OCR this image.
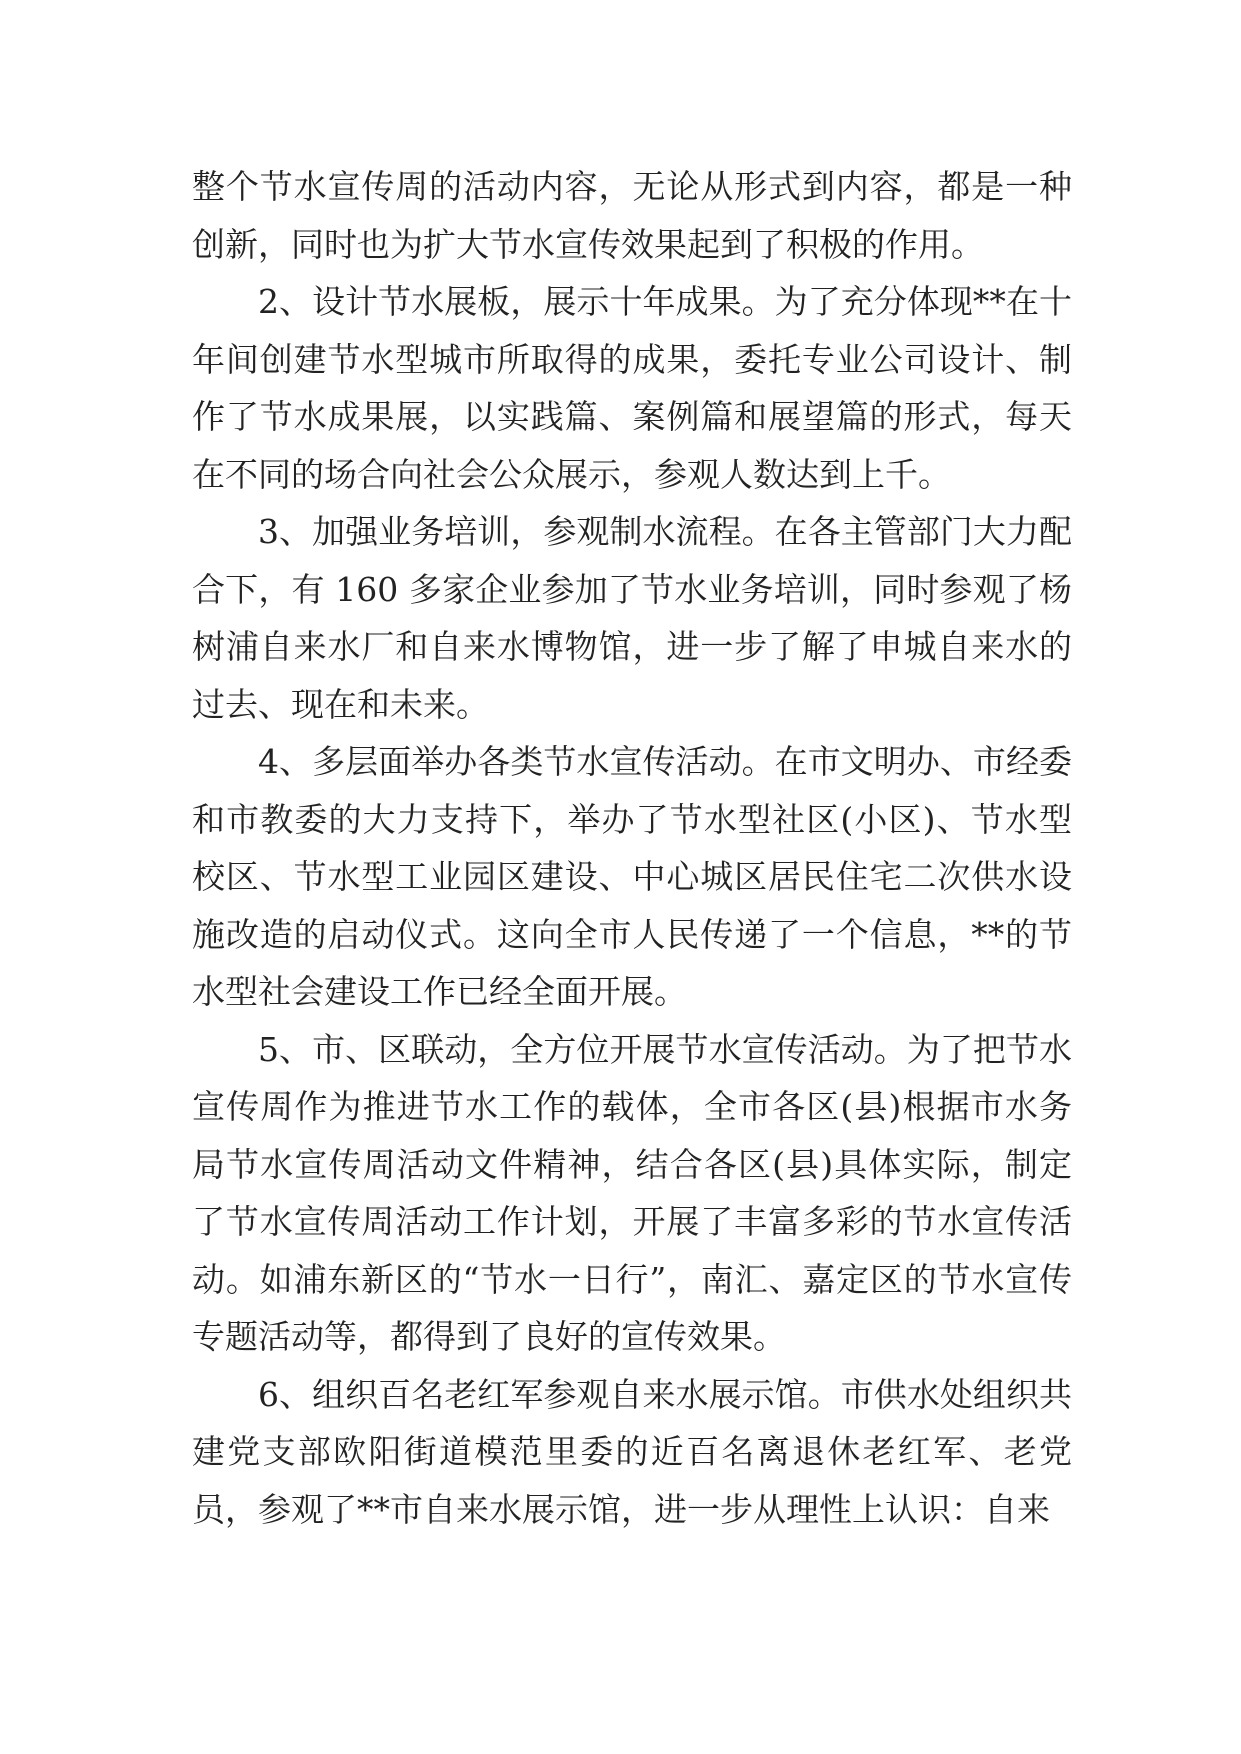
整个节水宣传周的活动内容，无论从形式到内容，都是一种创新，同时也为扩大节水宣传效果起到了积极的作用。

2、设计节水展板，展示十年成果。为了充分体现**在十年间创建节水型城市所取得的成果，委托专业公司设计、制作了节水成果展，以实践篇、案例篇和展望篇的形式，每天在不同的场合向社会公众展示，参观人数达到上千。

3、加强业务培训，参观制水流程。在各主管部门大力配合下，有 160 多家企业参加了节水业务培训，同时参观了杨树浦自来水厂和自来水博物馆，进一步了解了申城自来水的过去、现在和未来。

4、多层面举办各类节水宣传活动。在市文明办、市经委和市教委的大力支持下，举办了节水型社区(小区)、节水型校区、节水型工业园区建设、中心城区居民住宅二次供水设施改造的启动仪式。这向全市人民传递了一个信息，**的节水型社会建设工作已经全面开展。

5、市、区联动，全方位开展节水宣传活动。为了把节水宣传周作为推进节水工作的载体，全市各区(县)根据市水务局节水宣传周活动文件精神，结合各区(县)具体实际，制定了节水宣传周活动工作计划，开展了丰富多彩的节水宣传活动。如浦东新区的“节水一日行”，南汇、嘉定区的节水宣传专题活动等，都得到了良好的宣传效果。

6、组织百名老红军参观自来水展示馆。市供水处组织共建党支部欧阳街道模范里委的近百名离退休老红军、老党员，参观了**市自来水展示馆，进一步从理性上认识：自来
